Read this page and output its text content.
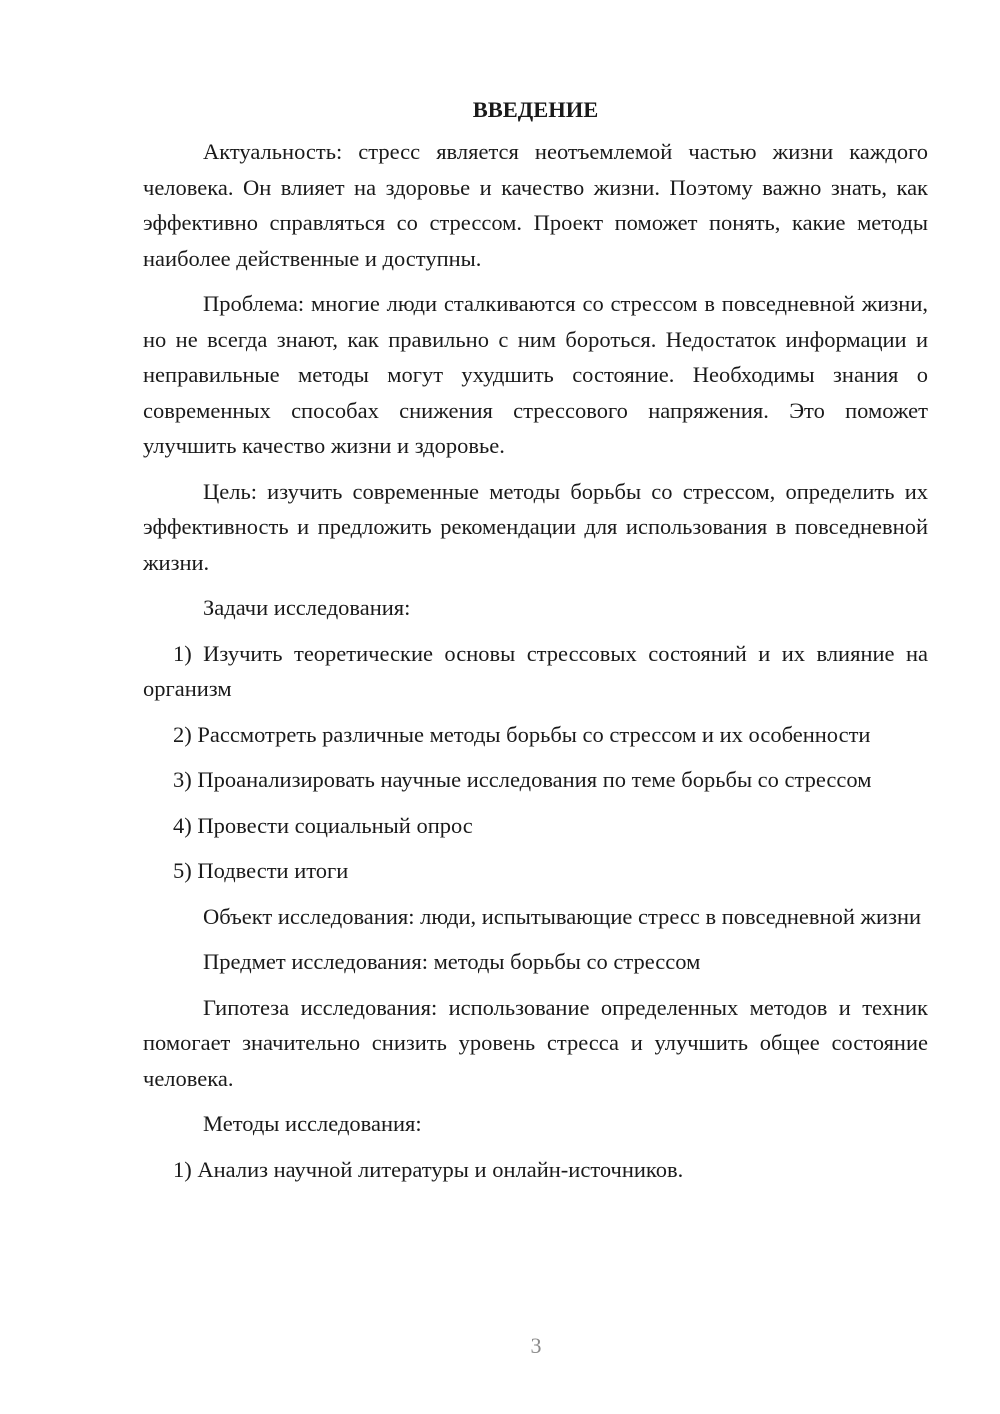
ВВЕДЕНИЕ

Актуальность: стресс является неотъемлемой частью жизни каждого человека. Он влияет на здоровье и качество жизни. Поэтому важно знать, как эффективно справляться со стрессом. Проект поможет понять, какие методы наиболее действенные и доступны.

Проблема: многие люди сталкиваются со стрессом в повседневной жизни, но не всегда знают, как правильно с ним бороться. Недостаток информации и неправильные методы могут ухудшить состояние. Необходимы знания о современных способах снижения стрессового напряжения. Это поможет улучшить качество жизни и здоровье.

Цель: изучить современные методы борьбы со стрессом, определить их эффективность и предложить рекомендации для использования в повседневной жизни.

Задачи исследования:

1) Изучить теоретические основы стрессовых состояний и их влияние на организм

2) Рассмотреть различные методы борьбы со стрессом и их особенности

3) Проанализировать научные исследования по теме борьбы со стрессом

4) Провести социальный опрос

5) Подвести итоги

Объект исследования: люди, испытывающие стресс в повседневной жизни

Предмет исследования: методы борьбы со стрессом

Гипотеза исследования: использование определенных методов и техник помогает значительно снизить уровень стресса и улучшить общее состояние человека.

Методы исследования:

1) Анализ научной литературы и онлайн-источников.

3
